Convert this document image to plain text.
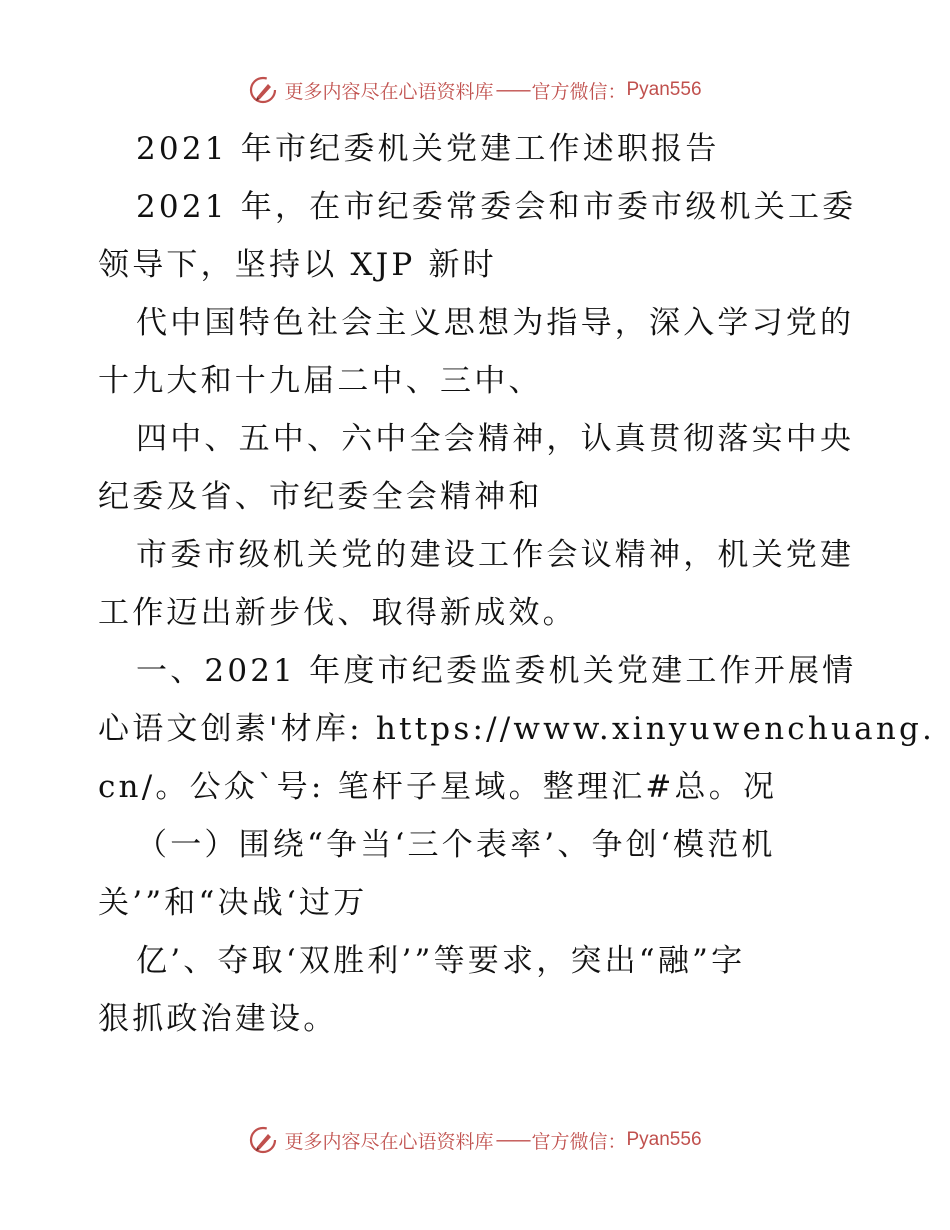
更多内容尽在心语资料库 —— 官方微信： Pyan556

2021 年市纪委机关党建工作述职报告

2021 年，在市纪委常委会和市委市级机关工委

领导下，坚持以 XJP 新时

代中国特色社会主义思想为指导，深入学习党的

十九大和十九届二中、三中、

四中、五中、六中全会精神，认真贯彻落实中央

纪委及省、市纪委全会精神和

市委市级机关党的建设工作会议精神，机关党建

工作迈出新步伐、取得新成效。

一、2021 年度市纪委监委机关党建工作开展情

心语文创素'材库: https://www.xinyuwenchuang.

cn/。公众`号: 笔杆子星域。整理汇#总。况

（一）围绕“争当‘三个表率’、争创‘模范机

关’”和“决战‘过万

亿’、夺取‘双胜利’”等要求，突出“融”字

狠抓政治建设。

更多内容尽在心语资料库 —— 官方微信： Pyan556
